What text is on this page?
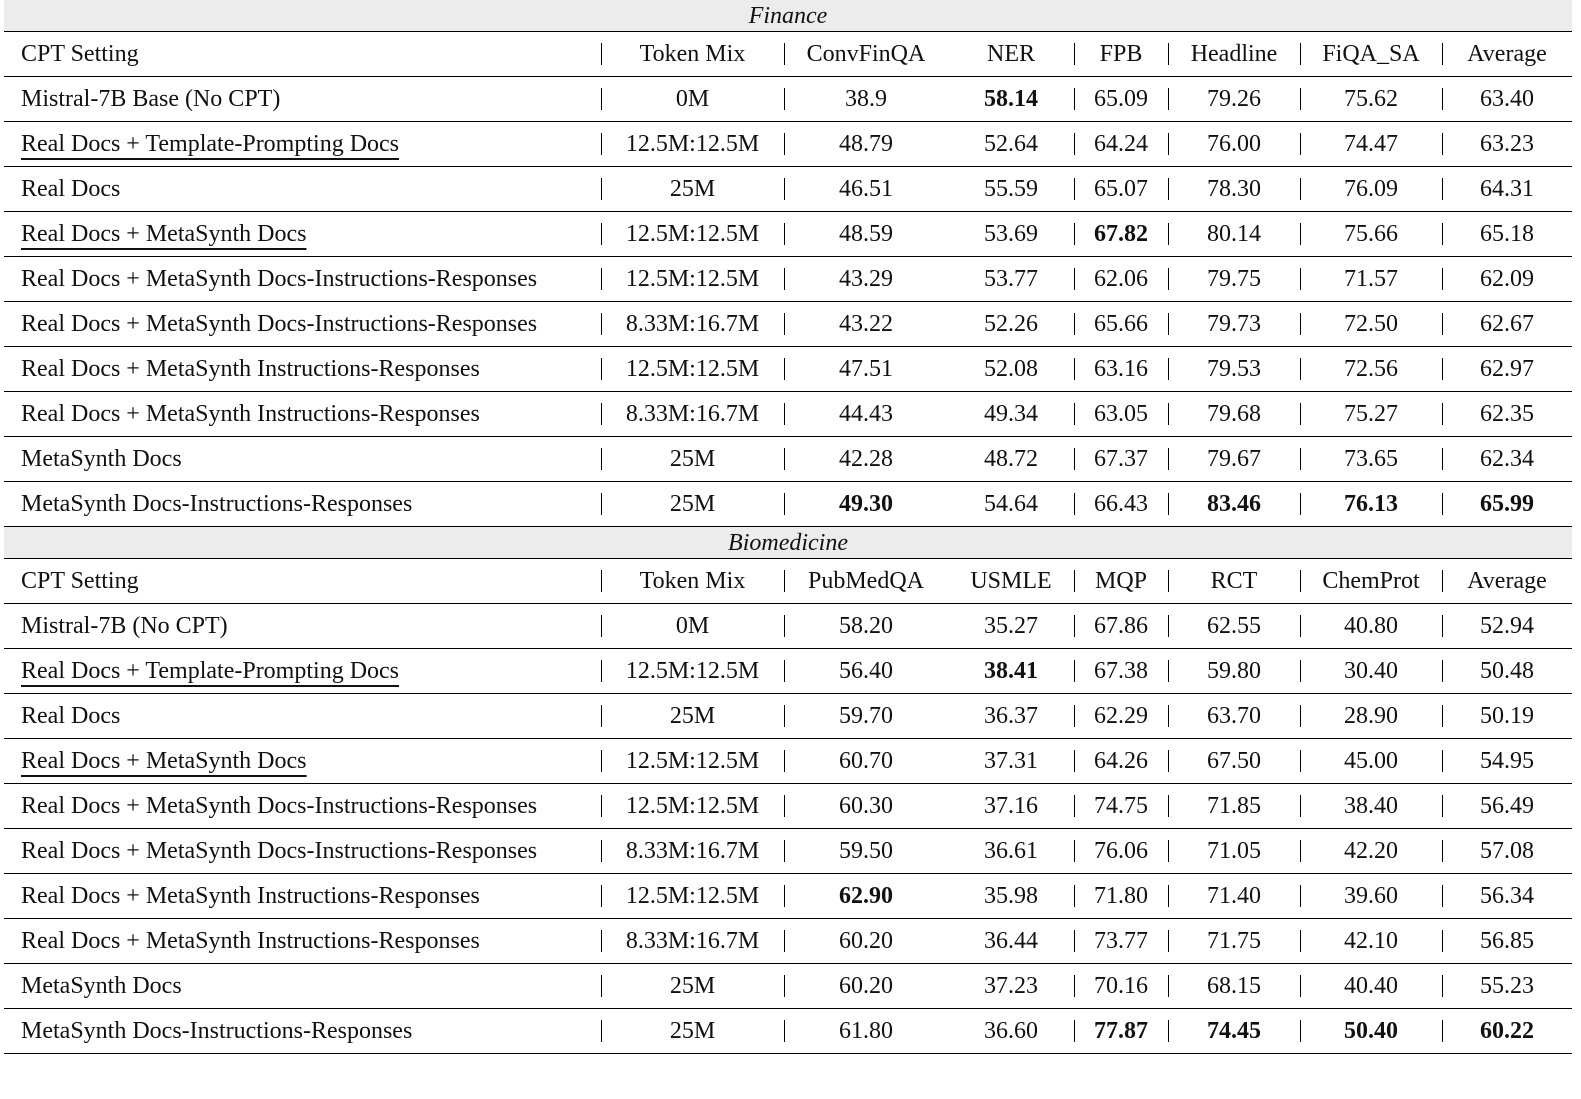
Finance							
CPT Setting	Token Mix	ConvFinQA	NER	FPB	Headline	FiQA_SA	Average
Mistral-7B Base (No CPT)	0M	38.9	58.14	65.09	79.26	75.62	63.40
Real Docs + Template-Prompting Docs	12.5M:12.5M	48.79	52.64	64.24	76.00	74.47	63.23
Real Docs	25M	46.51	55.59	65.07	78.30	76.09	64.31
Real Docs + MetaSynth Docs	12.5M:12.5M	48.59	53.69	67.82	80.14	75.66	65.18
Real Docs + MetaSynth Docs-Instructions-Responses	12.5M:12.5M	43.29	53.77	62.06	79.75	71.57	62.09
Real Docs + MetaSynth Docs-Instructions-Responses	8.33M:16.7M	43.22	52.26	65.66	79.73	72.50	62.67
Real Docs + MetaSynth Instructions-Responses	12.5M:12.5M	47.51	52.08	63.16	79.53	72.56	62.97
Real Docs + MetaSynth Instructions-Responses	8.33M:16.7M	44.43	49.34	63.05	79.68	75.27	62.35
MetaSynth Docs	25M	42.28	48.72	67.37	79.67	73.65	62.34
MetaSynth Docs-Instructions-Responses	25M	49.30	54.64	66.43	83.46	76.13	65.99
Biomedicine							
CPT Setting	Token Mix	PubMedQA	USMLE	MQP	RCT	ChemProt	Average
Mistral-7B (No CPT)	0M	58.20	35.27	67.86	62.55	40.80	52.94
Real Docs + Template-Prompting Docs	12.5M:12.5M	56.40	38.41	67.38	59.80	30.40	50.48
Real Docs	25M	59.70	36.37	62.29	63.70	28.90	50.19
Real Docs + MetaSynth Docs	12.5M:12.5M	60.70	37.31	64.26	67.50	45.00	54.95
Real Docs + MetaSynth Docs-Instructions-Responses	12.5M:12.5M	60.30	37.16	74.75	71.85	38.40	56.49
Real Docs + MetaSynth Docs-Instructions-Responses	8.33M:16.7M	59.50	36.61	76.06	71.05	42.20	57.08
Real Docs + MetaSynth Instructions-Responses	12.5M:12.5M	62.90	35.98	71.80	71.40	39.60	56.34
Real Docs + MetaSynth Instructions-Responses	8.33M:16.7M	60.20	36.44	73.77	71.75	42.10	56.85
MetaSynth Docs	25M	60.20	37.23	70.16	68.15	40.40	55.23
MetaSynth Docs-Instructions-Responses	25M	61.80	36.60	77.87	74.45	50.40	60.22
